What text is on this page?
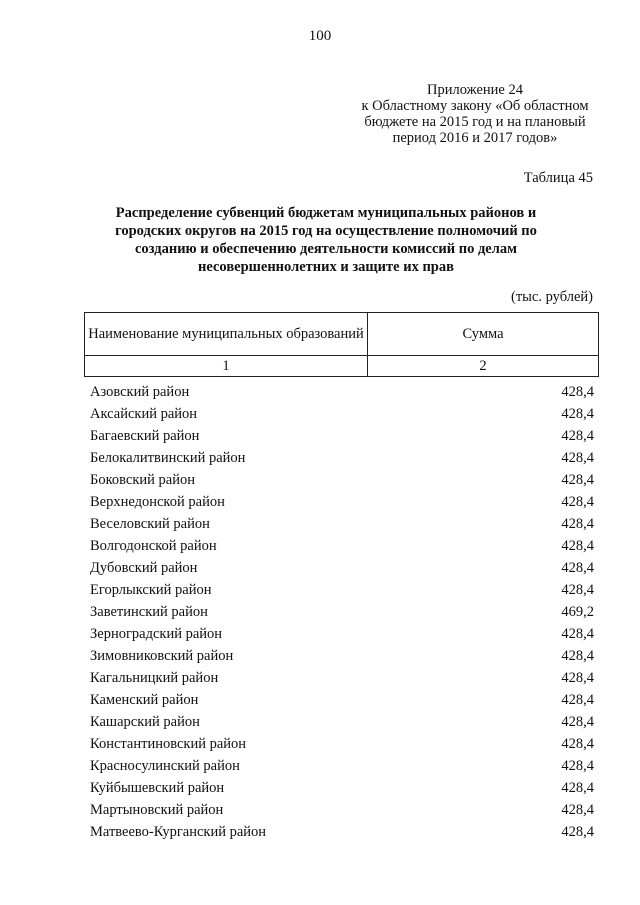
100
Приложение 24
к Областному закону «Об областном
бюджете на 2015 год и на плановый
период 2016 и 2017 годов»
Таблица 45
Распределение субвенций бюджетам муниципальных районов и
городских округов на 2015 год на осуществление полномочий по
созданию и обеспечению деятельности комиссий по делам
несовершеннолетних и защите их прав
(тыс. рублей)
Наименование муниципальных образований	Сумма
1	2
Азовский район	428,4
Аксайский район	428,4
Багаевский район	428,4
Белокалитвинский район	428,4
Боковский район	428,4
Верхнедонской район	428,4
Веселовский район	428,4
Волгодонской район	428,4
Дубовский район	428,4
Егорлыкский район	428,4
Заветинский район	469,2
Зерноградский район	428,4
Зимовниковский район	428,4
Кагальницкий район	428,4
Каменский район	428,4
Кашарский район	428,4
Константиновский район	428,4
Красносулинский район	428,4
Куйбышевский район	428,4
Мартыновский район	428,4
Матвеево-Курганский район	428,4
